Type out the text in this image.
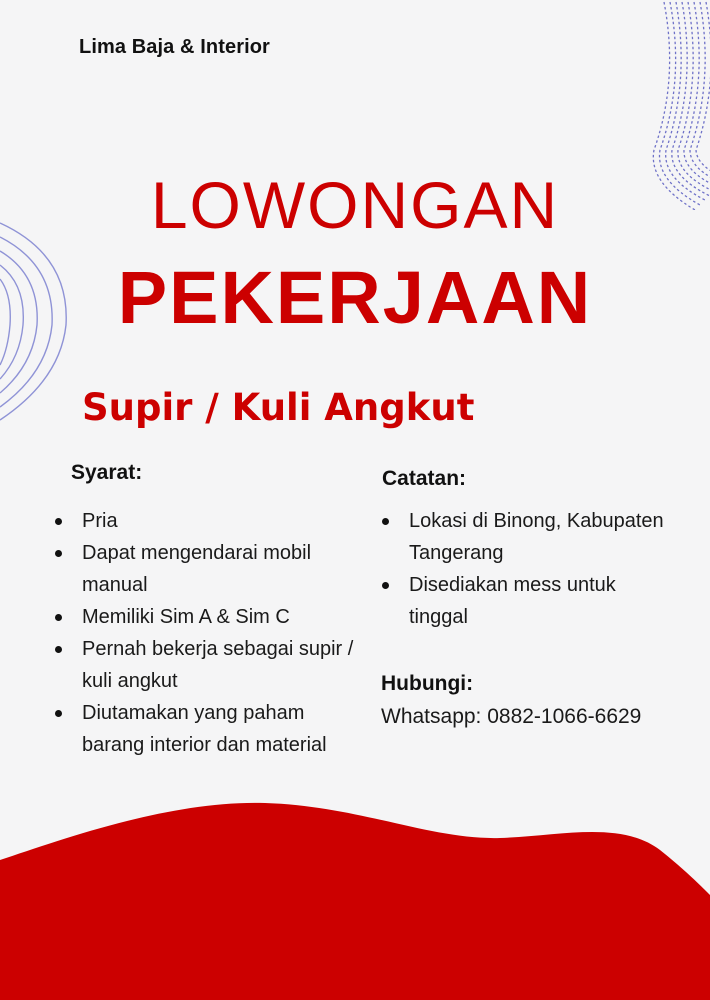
Lima Baja & Interior
LOWONGAN
PEKERJAAN
Supir / Kuli Angkut
Syarat:
Pria
Dapat mengendarai mobil manual
Memiliki Sim A & Sim C
Pernah bekerja sebagai supir / kuli angkut
Diutamakan yang paham barang interior dan material
Catatan:
Lokasi di Binong, Kabupaten Tangerang
Disediakan mess untuk tinggal
Hubungi:
Whatsapp: 0882-1066-6629
